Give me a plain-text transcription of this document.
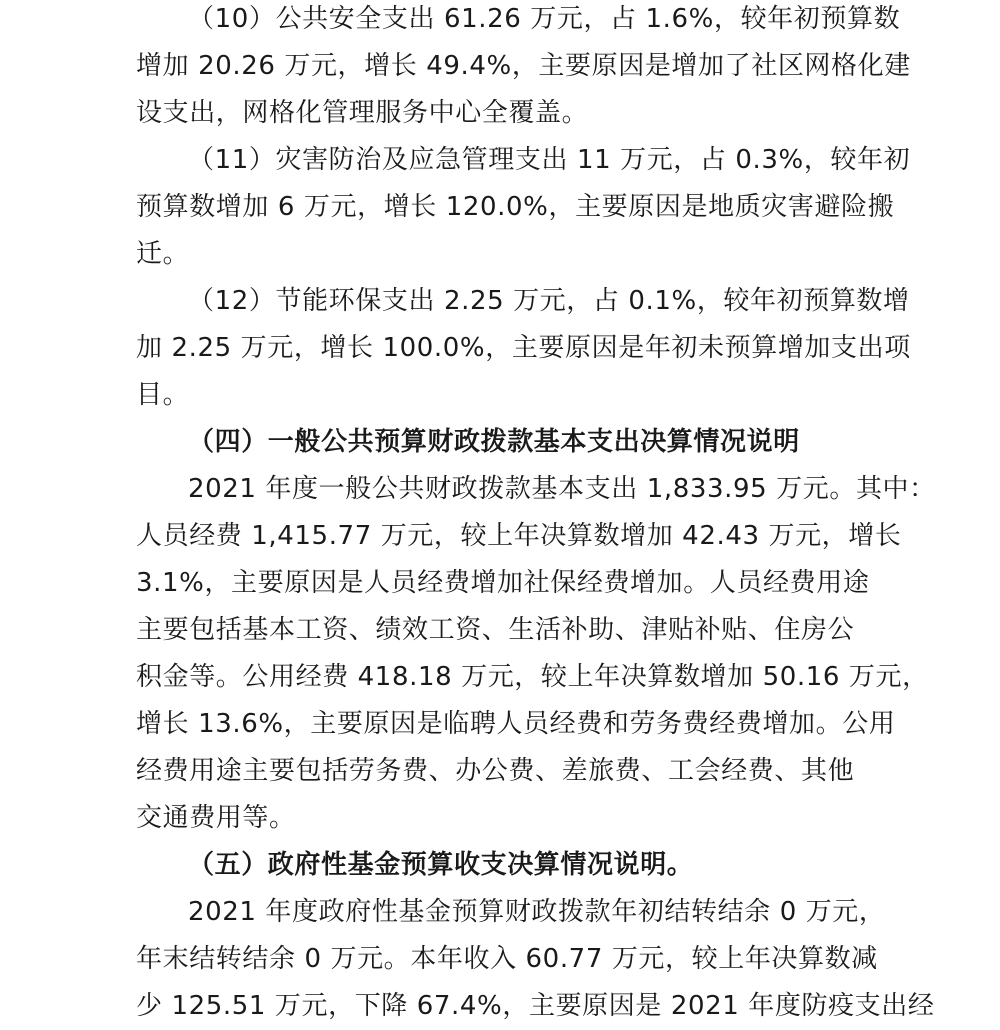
（10）公共安全支出 61.26 万元，占 1.6%，较年初预算数
增加 20.26 万元，增长 49.4%，主要原因是增加了社区网格化建
设支出，网格化管理服务中心全覆盖。
（11）灾害防治及应急管理支出 11 万元，占 0.3%，较年初
预算数增加 6 万元，增长 120.0%，主要原因是地质灾害避险搬
迁。
（12）节能环保支出 2.25 万元，占 0.1%，较年初预算数增
加 2.25 万元，增长 100.0%，主要原因是年初未预算增加支出项
目。
（四）一般公共预算财政拨款基本支出决算情况说明
2021 年度一般公共财政拨款基本支出 1,833.95 万元。其中：
人员经费 1,415.77 万元，较上年决算数增加 42.43 万元，增长
3.1%，主要原因是人员经费增加社保经费增加。人员经费用途
主要包括基本工资、绩效工资、生活补助、津贴补贴、住房公
积金等。公用经费 418.18 万元，较上年决算数增加 50.16 万元，
增长 13.6%，主要原因是临聘人员经费和劳务费经费增加。公用
经费用途主要包括劳务费、办公费、差旅费、工会经费、其他
交通费用等。
（五）政府性基金预算收支决算情况说明。
2021 年度政府性基金预算财政拨款年初结转结余 0 万元，
年末结转结余 0 万元。本年收入 60.77 万元，较上年决算数减
少 125.51 万元，下降 67.4%，主要原因是 2021 年度防疫支出经
